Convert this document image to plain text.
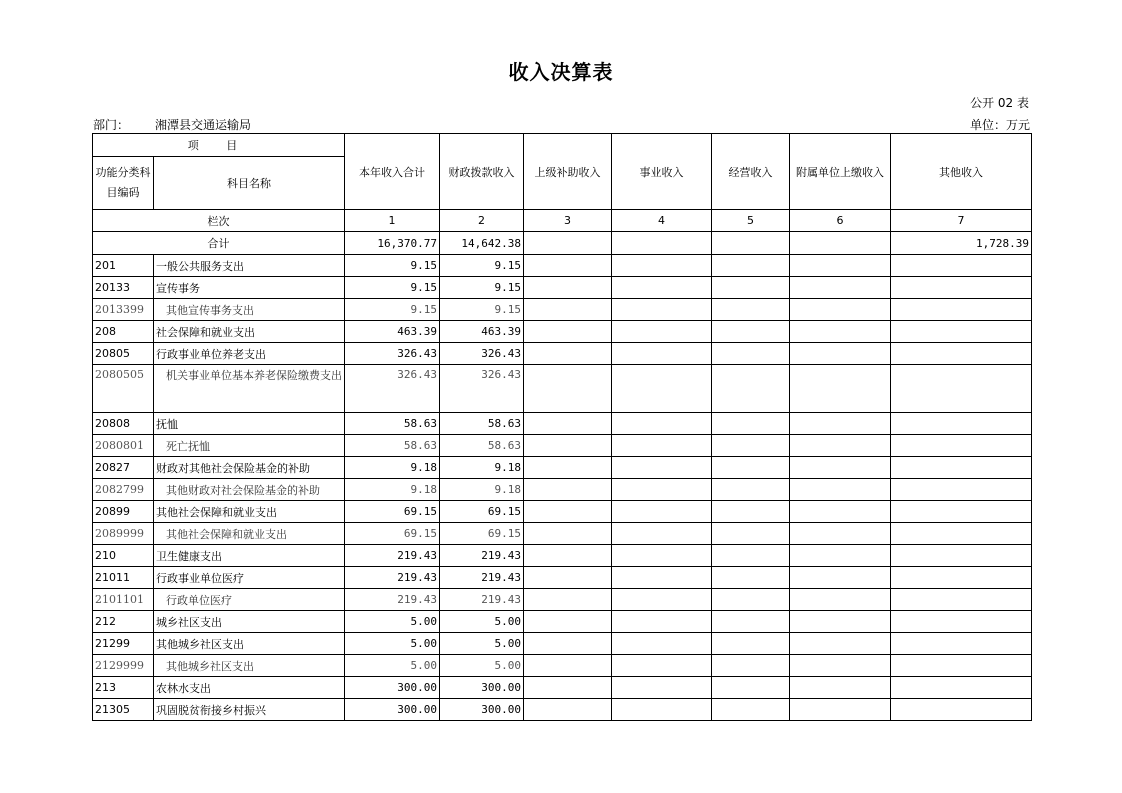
收入决算表
公开 02 表
部门： 湘潭县交通运输局	单位：万元
项 目		本年收入合计	财政拨款收入	上级补助收入	事业收入	经营收入	附属单位上缴收入	其他收入
功能分类科目编码	科目名称							
栏次		1	2	3	4	5	6	7
合计		16,370.77	14,642.38					1,728.39
201	一般公共服务支出	9.15	9.15					
20133	宣传事务	9.15	9.15					
2013399	其他宣传事务支出	9.15	9.15					
208	社会保障和就业支出	463.39	463.39					
20805	行政事业单位养老支出	326.43	326.43					
2080505	机关事业单位基本养老保险缴费支出	326.43	326.43					
20808	抚恤	58.63	58.63					
2080801	死亡抚恤	58.63	58.63					
20827	财政对其他社会保险基金的补助	9.18	9.18					
2082799	其他财政对社会保险基金的补助	9.18	9.18					
20899	其他社会保障和就业支出	69.15	69.15					
2089999	其他社会保障和就业支出	69.15	69.15					
210	卫生健康支出	219.43	219.43					
21011	行政事业单位医疗	219.43	219.43					
2101101	行政单位医疗	219.43	219.43					
212	城乡社区支出	5.00	5.00					
21299	其他城乡社区支出	5.00	5.00					
2129999	其他城乡社区支出	5.00	5.00					
213	农林水支出	300.00	300.00					
21305	巩固脱贫衔接乡村振兴	300.00	300.00					
